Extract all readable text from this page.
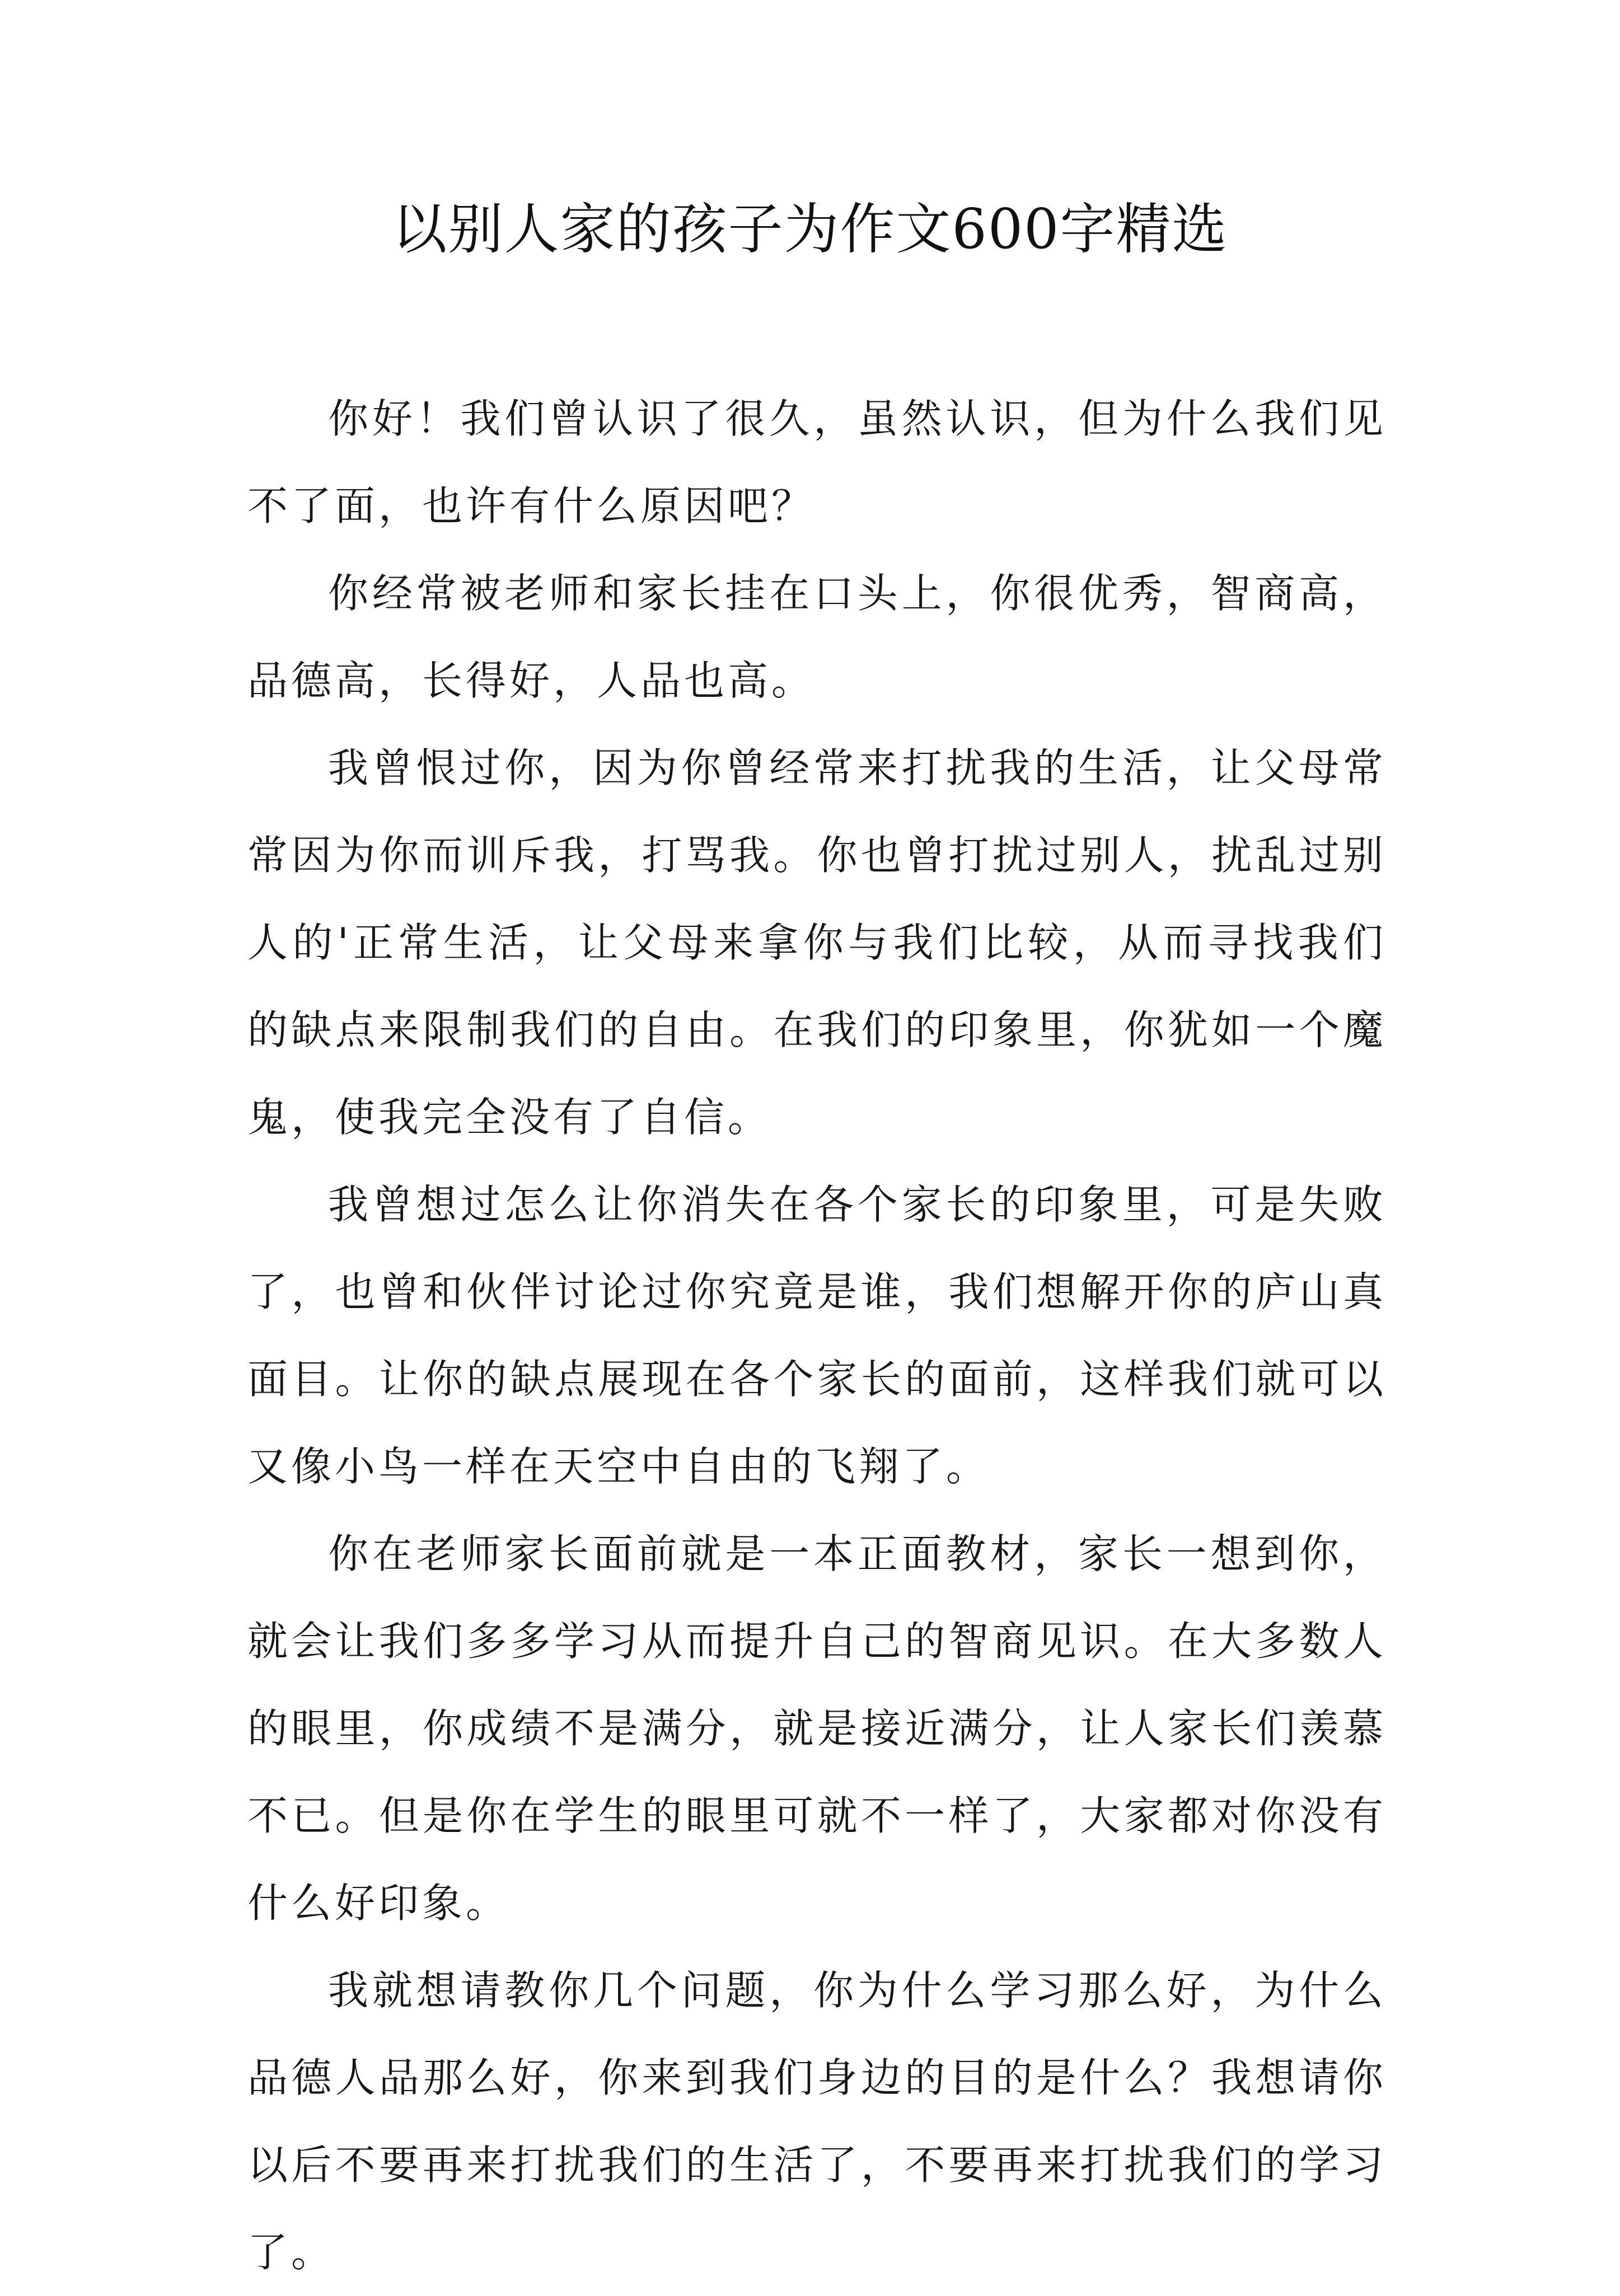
以别人家的孩子为作文600字精选

你好！我们曾认识了很久，虽然认识，但为什么我们见不了面，也许有什么原因吧？

你经常被老师和家长挂在口头上，你很优秀，智商高，品德高，长得好，人品也高。

我曾恨过你，因为你曾经常来打扰我的生活，让父母常常因为你而训斥我，打骂我。你也曾打扰过别人，扰乱过别人的'正常生活，让父母来拿你与我们比较，从而寻找我们的缺点来限制我们的自由。在我们的印象里，你犹如一个魔鬼，使我完全没有了自信。

我曾想过怎么让你消失在各个家长的印象里，可是失败了，也曾和伙伴讨论过你究竟是谁，我们想解开你的庐山真面目。让你的缺点展现在各个家长的面前，这样我们就可以又像小鸟一样在天空中自由的飞翔了。

你在老师家长面前就是一本正面教材，家长一想到你，就会让我们多多学习从而提升自己的智商见识。在大多数人的眼里，你成绩不是满分，就是接近满分，让人家长们羡慕不已。但是你在学生的眼里可就不一样了，大家都对你没有什么好印象。

我就想请教你几个问题，你为什么学习那么好，为什么品德人品那么好，你来到我们身边的目的是什么？我想请你以后不要再来打扰我们的生活了，不要再来打扰我们的学习了。
